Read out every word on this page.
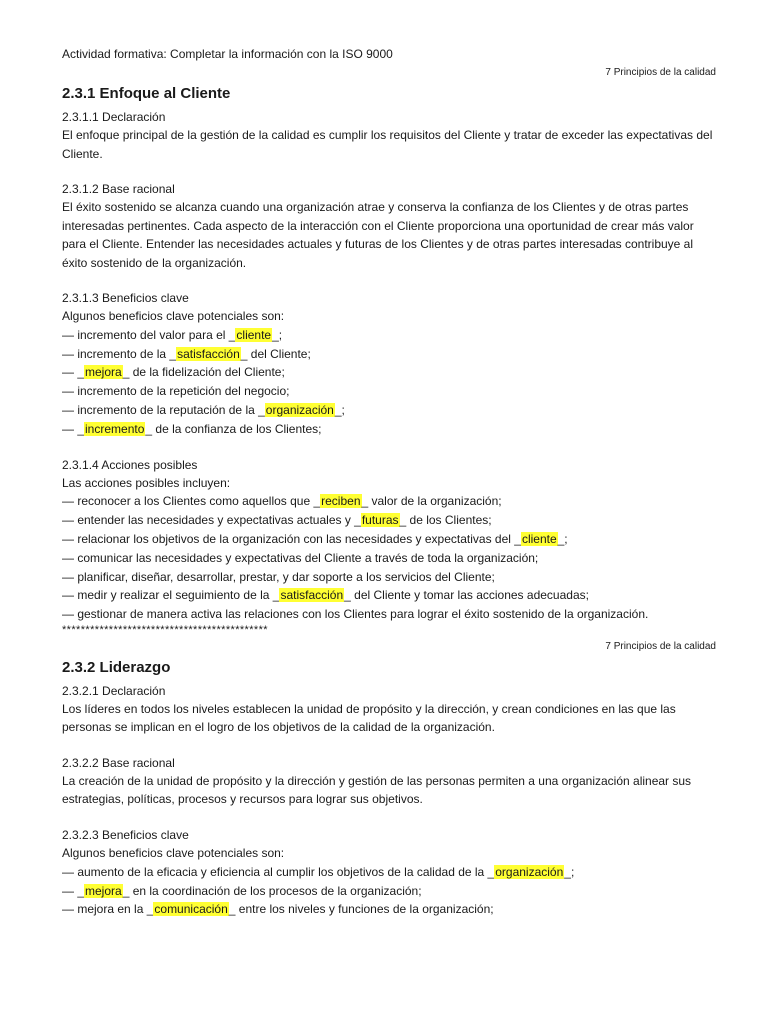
Actividad formativa: Completar la información con la ISO 9000
7 Principios de la calidad
2.3.1 Enfoque al Cliente
2.3.1.1 Declaración
El enfoque principal de la gestión de la calidad es cumplir los requisitos del Cliente y tratar de exceder las expectativas del Cliente.
2.3.1.2 Base racional
El éxito sostenido se alcanza cuando una organización atrae y conserva la confianza de los Clientes y de otras partes interesadas pertinentes. Cada aspecto de la interacción con el Cliente proporciona una oportunidad de crear más valor para el Cliente. Entender las necesidades actuales y futuras de los Clientes y de otras partes interesadas contribuye al éxito sostenido de la organización.
2.3.1.3 Beneficios clave
Algunos beneficios clave potenciales son:
— incremento del valor para el _cliente_;
— incremento de la _satisfacción_ del Cliente;
— _mejora_ de la fidelización del Cliente;
— incremento de la repetición del negocio;
— incremento de la reputación de la _organización_;
— _incremento_ de la confianza de los Clientes;
2.3.1.4 Acciones posibles
Las acciones posibles incluyen:
— reconocer a los Clientes como aquellos que _reciben_ valor de la organización;
— entender las necesidades y expectativas actuales y _futuras_ de los Clientes;
— relacionar los objetivos de la organización con las necesidades y expectativas del _cliente_;
— comunicar las necesidades y expectativas del Cliente a través de toda la organización;
— planificar, diseñar, desarrollar, prestar, y dar soporte a los servicios del Cliente;
— medir y realizar el seguimiento de la _satisfacción_ del Cliente y tomar las acciones adecuadas;
— gestionar de manera activa las relaciones con los Clientes para lograr el éxito sostenido de la organización.
********************************************
7 Principios de la calidad
2.3.2 Liderazgo
2.3.2.1 Declaración
Los líderes en todos los niveles establecen la unidad de propósito y la dirección, y crean condiciones en las que las personas se implican en el logro de los objetivos de la calidad de la organización.
2.3.2.2 Base racional
La creación de la unidad de propósito y la dirección y gestión de las personas permiten a una organización alinear sus estrategias, políticas, procesos y recursos para lograr sus objetivos.
2.3.2.3 Beneficios clave
Algunos beneficios clave potenciales son:
— aumento de la eficacia y eficiencia al cumplir los objetivos de la calidad de la _organización_;
— _mejora_ en la coordinación de los procesos de la organización;
— mejora en la _comunicación_ entre los niveles y funciones de la organización;
